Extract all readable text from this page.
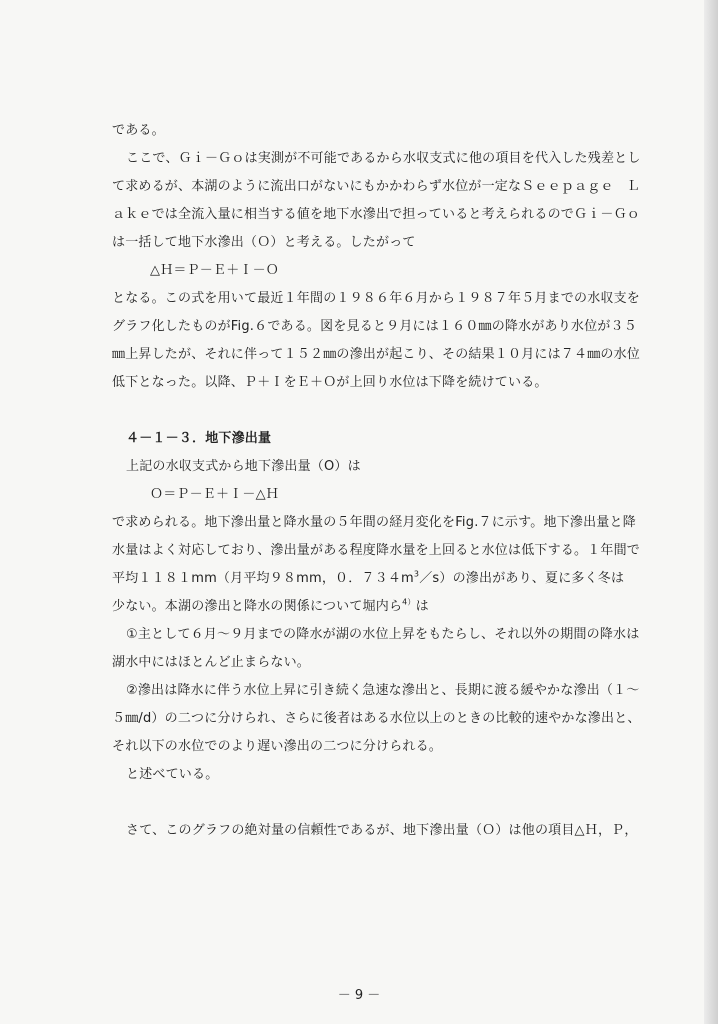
である。
ここで、Ｇｉ－Ｇｏは実測が不可能であるから水収支式に他の項目を代入した残差とし
て求めるが、本湖のように流出口がないにもかかわらず水位が一定なＳｅｅｐａｇｅ　Ｌ
ａｋｅでは全流入量に相当する値を地下水滲出で担っていると考えられるのでＧｉ－Ｇｏ
は一括して地下水滲出（Ｏ）と考える。したがって
△Ｈ＝Ｐ－Ｅ＋Ｉ－Ｏ
となる。この式を用いて最近１年間の１９８６年６月から１９８７年５月までの水収支を
グラフ化したものがFig.６である。図を見ると９月には１６０㎜の降水があり水位が３５
㎜上昇したが、それに伴って１５２㎜の滲出が起こり、その結果１０月には７４㎜の水位
低下となった。以降、Ｐ＋ＩをＥ＋Ｏが上回り水位は下降を続けている。
４－１－３．地下滲出量
上記の水収支式から地下滲出量（O）は
Ｏ＝Ｐ－Ｅ＋Ｉ－△Ｈ
で求められる。地下滲出量と降水量の５年間の経月変化をFig.７に示す。地下滲出量と降
水量はよく対応しており、滲出量がある程度降水量を上回ると水位は低下する。１年間で
平均１１８１mm（月平均９８mm，０．$734m^3/s$）の滲出があり、夏に多く冬は
少ない。本湖の滲出と降水の関係について堀内ら$^{4)}$は
①主として６月～９月までの降水が湖の水位上昇をもたらし、それ以外の期間の降水は
湖水中にはほとんど止まらない。
②滲出は降水に伴う水位上昇に引き続く急速な滲出と、長期に渡る緩やかな滲出（１～
５㎜/d）の二つに分けられ、さらに後者はある水位以上のときの比較的速やかな滲出と、
それ以下の水位でのより遅い滲出の二つに分けられる。
と述べている。
さて、このグラフの絶対量の信頼性であるが、地下滲出量（Ｏ）は他の項目△Ｈ，Ｐ，
－ 9 －
